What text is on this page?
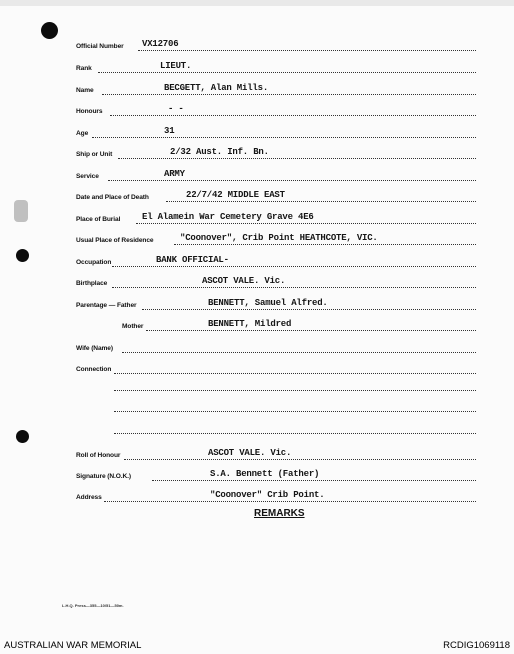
Official Number VX12706
Rank	LIEUT.
Name	BECGETT, Alan Mills.
Honours	- -
Age	31
Ship or Unit	2/32 Aust. Inf. Bn.
Service	ARMY
Date and Place of Death	22/7/42 MIDDLE EAST
Place of Burial El Alamein War Cemetery Grave 4E6
Usual Place of Residence	"Coonover", Crib Point HEATHCOTE, VIC.
Occupation	BANK OFFICIAL-
Birthplace	ASCOT VALE. Vic.
Parentage — Father	BENNETT, Samuel Alfred.
Mother	BENNETT, Mildred
Wife (Name)
Connection
Roll of Honour	ASCOT VALE. Vic.
Signature (N.O.K.)	S.A. Bennett (Father)
Address	"Coonover" Crib Point.
REMARKS
L.H.Q. Press—355—10/51—50m.
AUSTRALIAN WAR MEMORIAL	RCDIG1069118
